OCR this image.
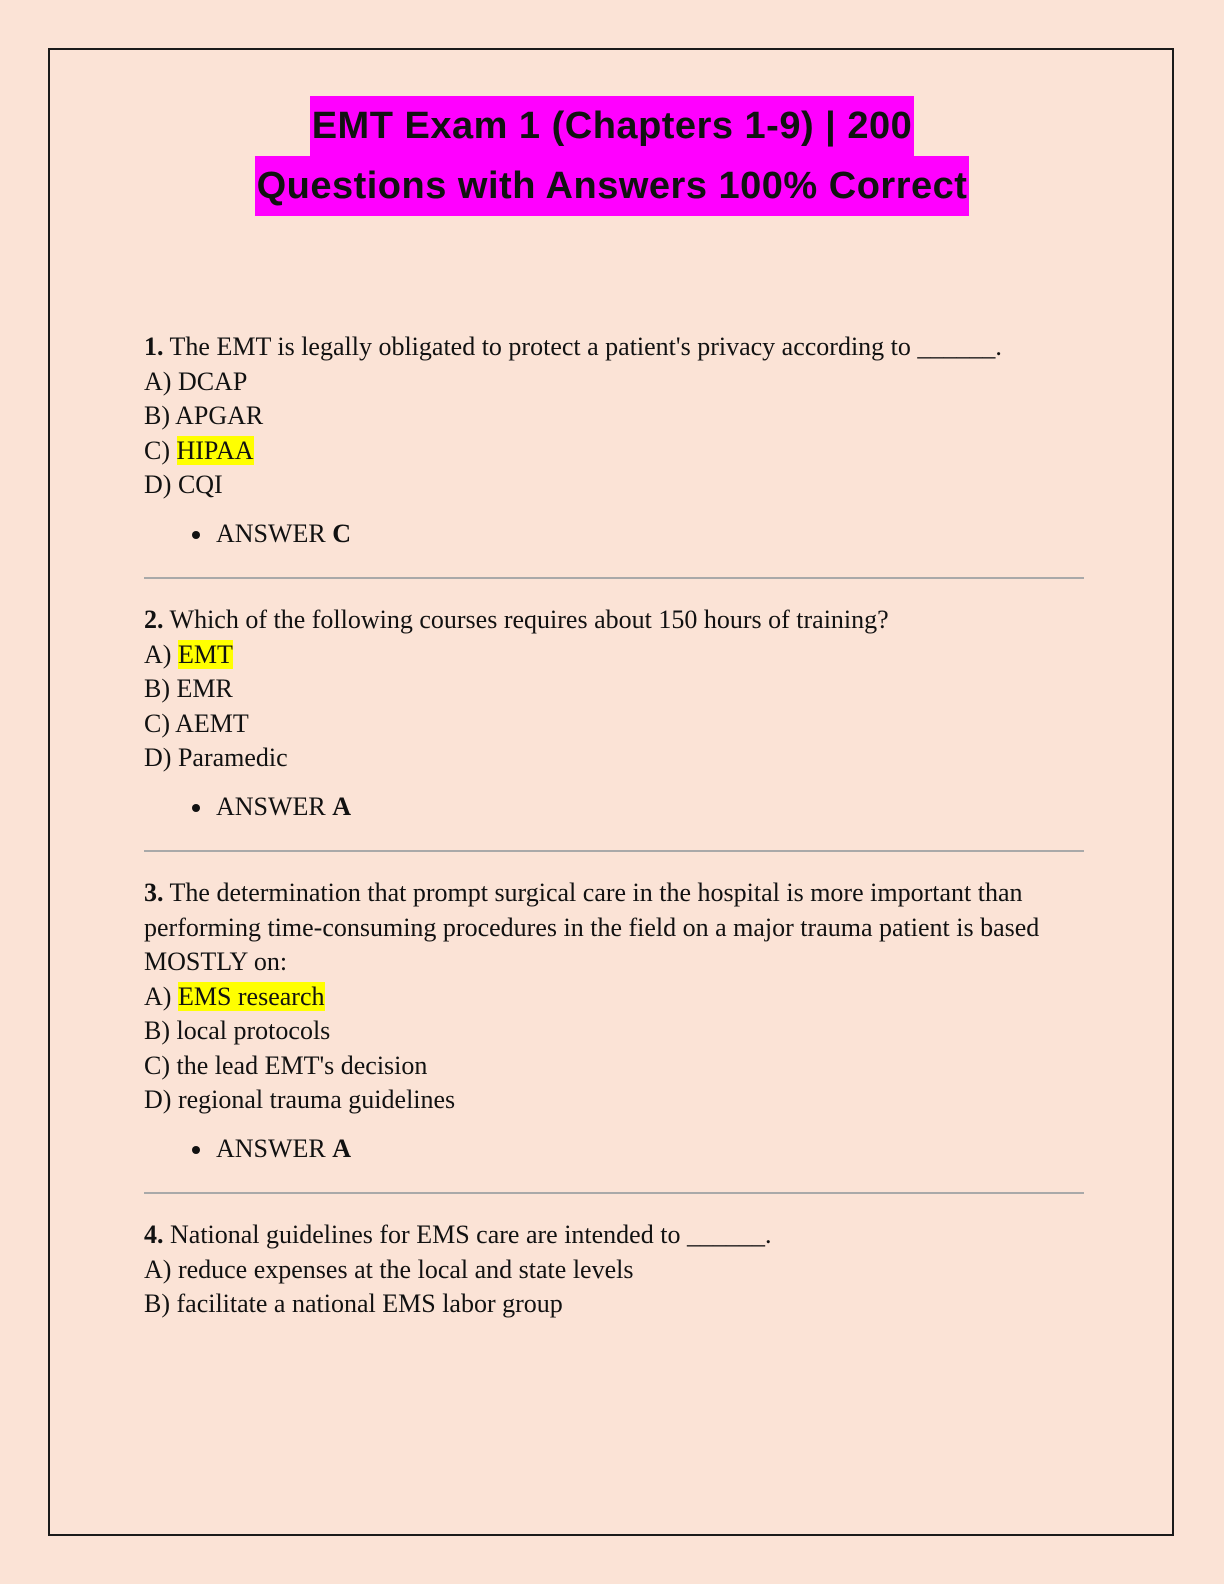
EMT Exam 1 (Chapters 1-9) | 200
Questions with Answers 100% Correct
1. The EMT is legally obligated to protect a patient's privacy according to ______.
A) DCAP
B) APGAR
C) HIPAA
D) CQI
• ANSWER C
2. Which of the following courses requires about 150 hours of training?
A) EMT
B) EMR
C) AEMT
D) Paramedic
• ANSWER A
3. The determination that prompt surgical care in the hospital is more important than performing time-consuming procedures in the field on a major trauma patient is based MOSTLY on:
A) EMS research
B) local protocols
C) the lead EMT's decision
D) regional trauma guidelines
• ANSWER A
4. National guidelines for EMS care are intended to ______.
A) reduce expenses at the local and state levels
B) facilitate a national EMS labor group
